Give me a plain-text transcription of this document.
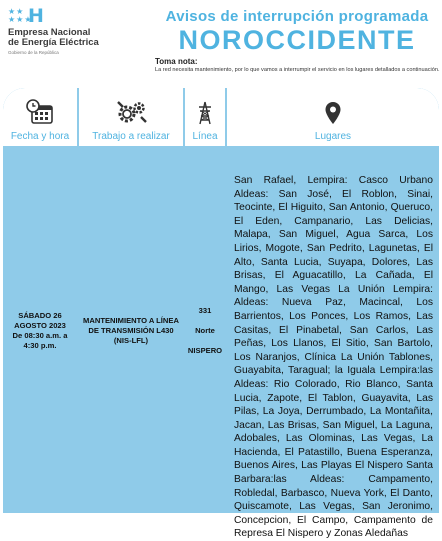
★★
★★★
H
Empresa Nacional
de Energía Eléctrica
Gobierno de la República
Avisos de interrupción programada
NOROCCIDENTE
Toma nota:
La red necesita mantenimiento, por lo que vamos a interrumpir el servicio en los lugares detallados a continuación.
Fecha y hora Trabajo a realizar Línea	Lugares
SÁBADO 26
AGOSTO 2023
De 08:30 a.m. a
4:30 p.m.
MANTENIMIENTO A LÍNEA DE TRANSMISIÓN L430 (NIS-LFL)
331
Norte
NISPERO
San Rafael, Lempira: Casco Urbano Aldeas: San José, El Roblon, Sinai, Teocinte, El Higuito, San Antonio, Queruco, El Eden, Campanario, Las Delicias, Malapa, San Miguel, Agua Sarca, Los Lirios, Mogote, San Pedrito, Lagunetas, El Alto, Santa Lucia, Suyapa, Dolores, Las Brisas, El Aguacatillo, La Cañada, El Mango, Las Vegas La Unión Lempira: Aldeas: Nueva Paz, Macincal, Los Barrientos, Los Ponces, Los Ramos, Las Casitas, El Pinabetal, San Carlos, Las Peñas, Los Llanos, El Sitio, San Bartolo, Los Naranjos, Clínica La Unión Tablones, Guayabita, Taragual; la Iguala Lempira:las Aldeas: Rio Colorado, Rio Blanco, Santa Lucia, Zapote, El Tablon, Guayavita, Las Pilas, La Joya, Derrumbado, La Montañita, Jacan, Las Brisas, San Miguel, La Laguna, Adobales, Las Olominas, Las Vegas, La Hacienda, El Patastillo, Buena Esperanza, Buenos Aires, Las Playas El Nispero Santa Barbara:las Aldeas: Campamento, Robledal, Barbasco, Nueva York, El Danto, Quiscamote, Las Vegas, San Jeronimo, Concepcion, El Campo, Campamento de Represa El Nispero y Zonas Aledañas
